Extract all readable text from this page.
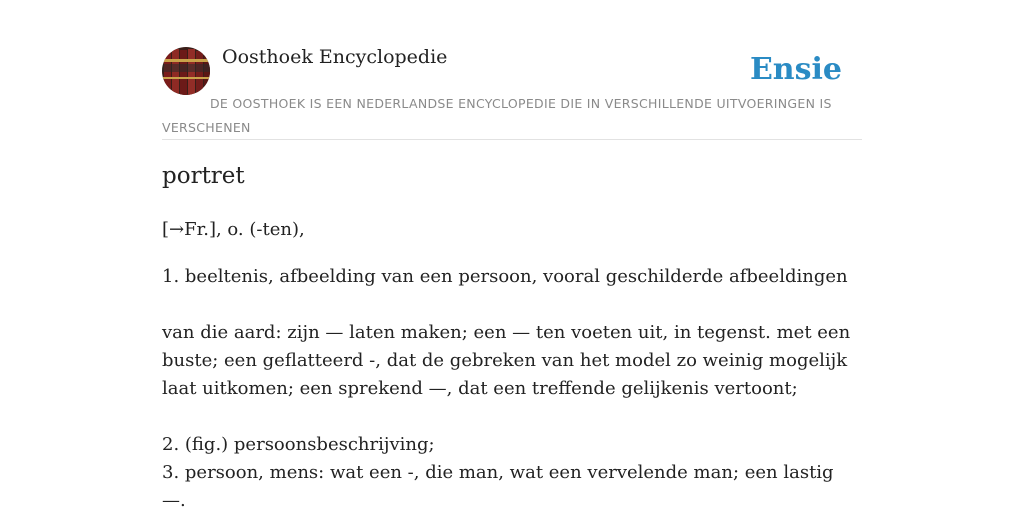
Oosthoek Encyclopedie	Ensie
DE OOSTHOEK IS EEN NEDERLANDSE ENCYCLOPEDIE DIE IN VERSCHILLENDE UITVOERINGEN IS VERSCHENEN
portret
[→Fr.], o. (-ten),

1. beeltenis, afbeelding van een persoon, vooral geschilderde afbeeldingen

van die aard: zijn — laten maken; een — ten voeten uit, in tegenst. met een buste; een geflatteerd -, dat de gebreken van het model zo weinig mogelijk laat uitkomen; een sprekend —, dat een treffende gelijkenis vertoont;

2. (fig.) persoonsbeschrijving;

3. persoon, mens: wat een -, die man, wat een vervelende man; een lastig —.
